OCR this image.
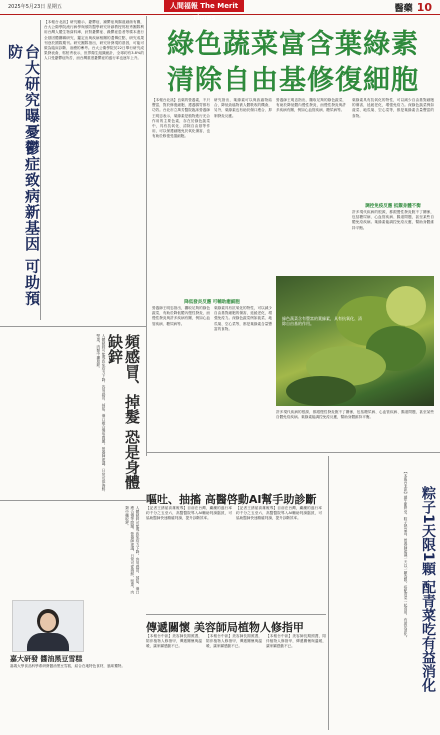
2025年5月23日 星期五	人間福報 The Merit Times
醫藥 10
台大研究曝憂鬱症致病新基因 可助預防
【本報台北訊】研究顯示，憂鬱症、躁鬱症與腸道細菌有關，台大公衛學院流行病學與預防醫學研究所副教授郭柏秀團隊利用台灣人體生物資料庫，針對憂鬱症、躁鬱症患者等樣本進行全基因體關聯研究，鑑定出與疾病相關的遺傳位點，研究成果刊登於國際期刊。研究團隊指出，研究所發現的基因，可能可做為臨床診斷、治療的參考。台大公衛學院於22日舉行研究成果發表會，郭柏秀表示，世界衛生組織統計，全球約有3.8%的人口受憂鬱症所苦，而台灣重度憂鬱症的盛行率也逐年上升。 綠色蔬菜富含葉綠素
清除自由基修復細胞
【本報台北訊】良葉的營養素，不只豐富，對於修復細胞、護養腸胃都有功效。台北市立萬芳醫院臨床營養師王明忠表示，葉綠素是植物進行光合作用的主要色素，存在於綠色蔬菜中，具有抗氧化、清除自由基等作用，可以保護細胞免於氧化傷害，也有助於修復受損細胞。
研究指出，葉綠素可以與致癌物結合，降低致癌物被人體吸收的機會，另外，葉綠素也有助於傷口癒合、抑制發炎反應。
營養師王明忠指出，攝取足夠的綠色蔬菜，有助於降低體內慢性發炎，而慢性發炎與許多疾病有關，例如心血管疾病、糖尿病等。
葉綠素具有抗氧化的特性，可以減少自由基對細胞的傷害，延緩老化，增強免疫力。深綠色蔬菜例如菠菜、地瓜葉、空心菜等，都是葉綠素含量豐富的食物。
調控免疫反應 抵禦身體不衡
許多現代疾病的根源，都跟慢性發炎脫不了關係，包括糖尿病、心血管疾病、腸道問題，甚至某些自體免疫疾病。葉綠素能調控免疫反應，幫助身體維持平衡。
降低發炎反應 可輔助癒細胞
營養師王明忠指出，攝取足夠的綠色蔬菜，有助於降低體內慢性發炎，而慢性發炎與許多疾病有關，例如心血管疾病、糖尿病等。
葉綠素具有抗氧化的特性，可以減少自由基對細胞的傷害，延緩老化，增強免疫力。深綠色蔬菜例如菠菜、地瓜葉、空心菜等，都是葉綠素含量豐富的食物。
許多現代疾病的根源，都跟慢性發炎脫不了關係，包括糖尿病、心血管疾病、腸道問題，甚至某些自體免疫疾病。葉綠素能調控免疫反應，幫助身體維持平衡。
綠色蔬菜含有豐富的葉綠素，具有抗氧化、清除自由基的作用。
頻感冒、掉髮 恐是身體缺鋅
人體缺鋅可能導致免疫力下降、容易感冒、掉髮、傷口癒合慢等問題。營養師建議，日常可從海鮮、堅果、肉類中攝取鋅。
人體缺鋅可能導致免疫力下降、容易感冒、掉髮、傷口癒合慢等問題。營養師建議，日常可從海鮮、堅果、肉類中攝取鋅。
嘉大研發 醬油黑豆雪糕
嘉義大學食品科學系研發醬油黑豆雪糕，結合在地特色食材，風味獨特。
嘔吐、抽搐 高醫啓動AI幫手助診斷
【記者王綉茹高雄報導】目前在台灣，癲癇的盛行率約千分之五至六，高醫醫院導入AI輔助判讀腦波，可協助醫師快速精確判讀，提升診斷效率。
【記者王綉茹高雄報導】目前在台灣，癲癇的盛行率約千分之五至六，高醫醫院導入AI輔助判讀腦波，可協助醫師快速精確判讀，提升診斷效率。
傳遞關懷 美容師局植物人修指甲
【本報台中訊】美容師長期照護，陪伴植物人修指甲，傳遞關懷與溫暖，讓家屬感動不已。
【本報台中訊】美容師長期照護，陪伴植物人修指甲，傳遞關懷與溫暖，讓家屬感動不已。
【本報台中訊】美容師長期照護，陪伴植物人修指甲，傳遞關懷與溫暖，讓家屬感動不已。
【本報台北訊】端午節將至，粽子熱量高，營養師建議一天以一顆為限，搭配青菜一起食用，有助於消化。 粽子1天限1顆 配青菜吃有益消化
